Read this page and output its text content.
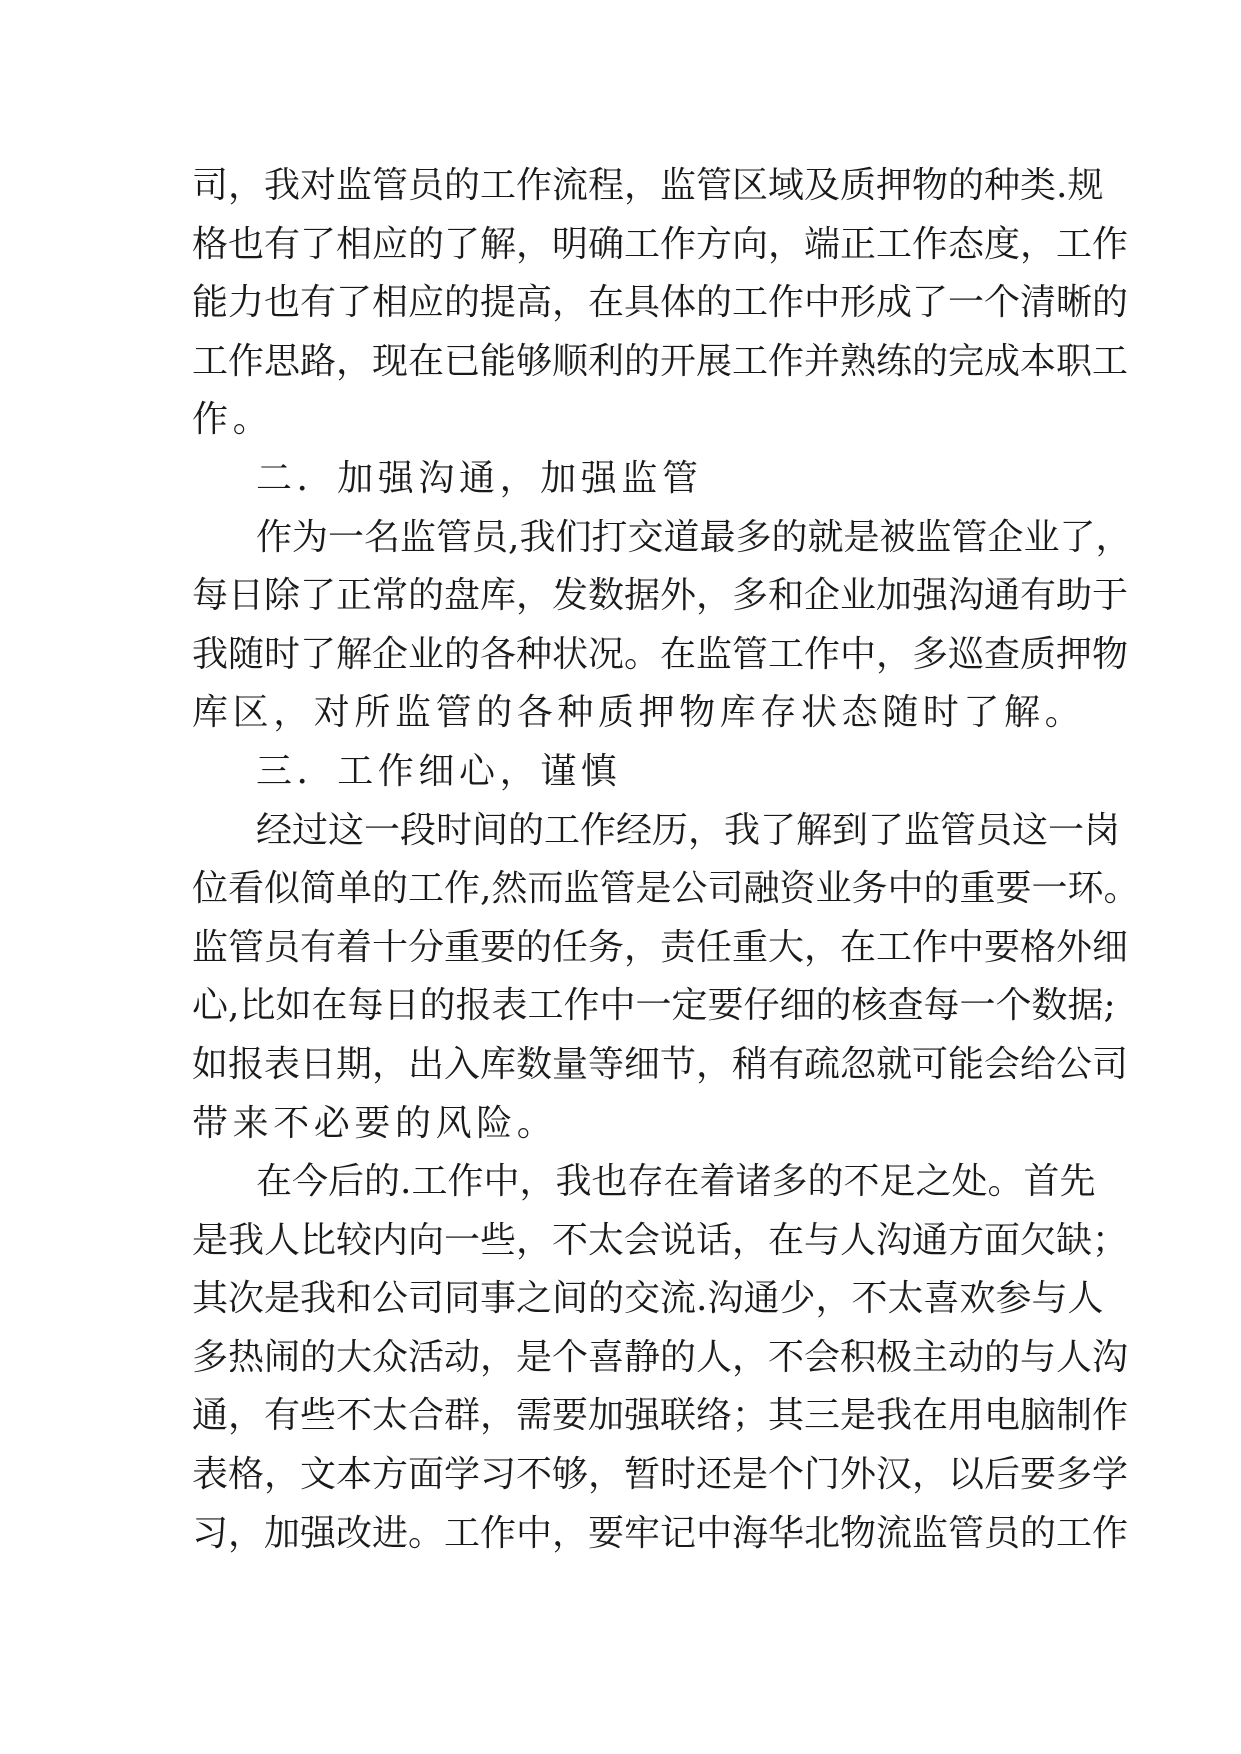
司，我对监管员的工作流程，监管区域及质押物的种类.规
格也有了相应的了解，明确工作方向，端正工作态度，工作
能力也有了相应的提高，在具体的工作中形成了一个清晰的
工作思路，现在已能够顺利的开展工作并熟练的完成本职工
作。
二．加强沟通，加强监管
作为一名监管员,我们打交道最多的就是被监管企业了，
每日除了正常的盘库，发数据外，多和企业加强沟通有助于
我随时了解企业的各种状况。在监管工作中，多巡查质押物
库区，对所监管的各种质押物库存状态随时了解。
三．工作细心，谨慎
经过这一段时间的工作经历，我了解到了监管员这一岗
位看似简单的工作,然而监管是公司融资业务中的重要一环。
监管员有着十分重要的任务，责任重大，在工作中要格外细
心,比如在每日的报表工作中一定要仔细的核查每一个数据;
如报表日期，出入库数量等细节，稍有疏忽就可能会给公司
带来不必要的风险。
在今后的.工作中，我也存在着诸多的不足之处。首先
是我人比较内向一些，不太会说话，在与人沟通方面欠缺；
其次是我和公司同事之间的交流.沟通少，不太喜欢参与人
多热闹的大众活动，是个喜静的人，不会积极主动的与人沟
通，有些不太合群，需要加强联络；其三是我在用电脑制作
表格，文本方面学习不够，暂时还是个门外汉，以后要多学
习，加强改进。工作中，要牢记中海华北物流监管员的工作
